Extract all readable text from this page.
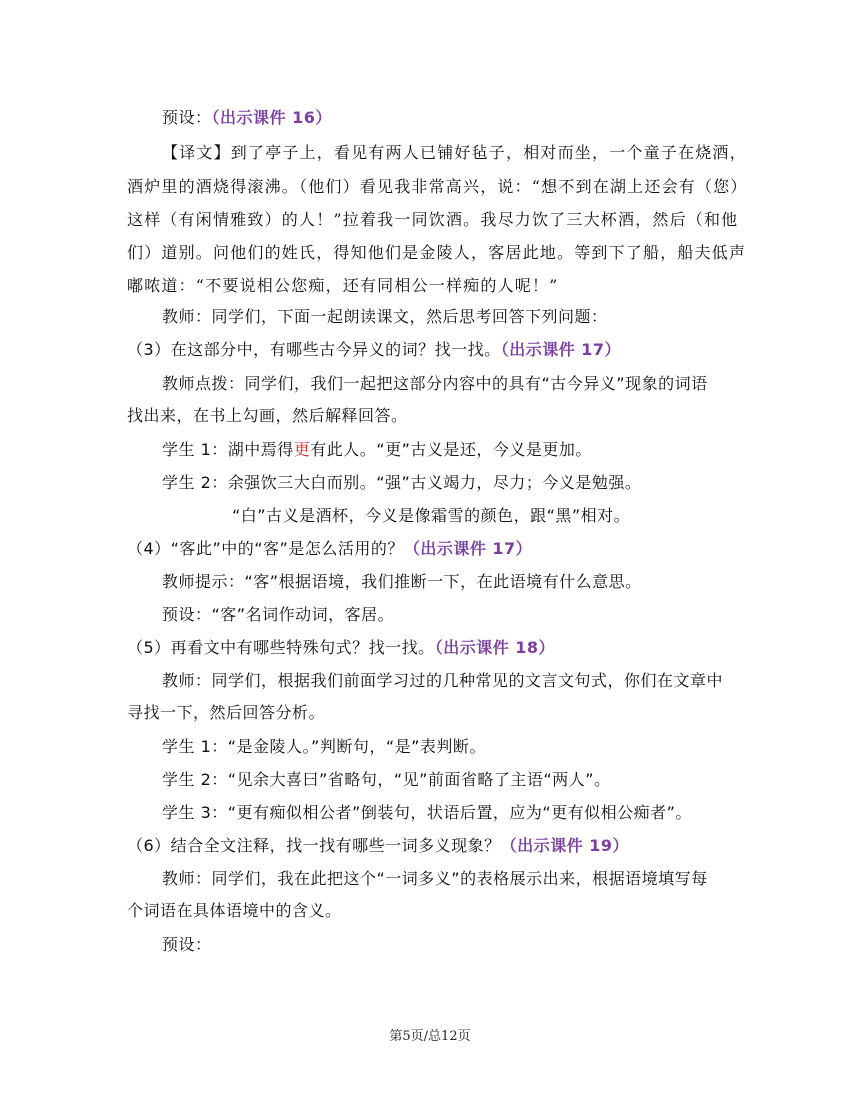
预设：（出示课件 16）
【译文】到了亭子上，看见有两人已铺好毡子，相对而坐，一个童子在烧酒，
酒炉里的酒烧得滚沸。（他们）看见我非常高兴，说：“想不到在湖上还会有（您）
这样（有闲情雅致）的人！”拉着我一同饮酒。我尽力饮了三大杯酒，然后（和他
们）道别。问他们的姓氏，得知他们是金陵人，客居此地。等到下了船，船夫低声
嘟哝道：“不要说相公您痴，还有同相公一样痴的人呢！”
教师：同学们，下面一起朗读课文，然后思考回答下列问题：
（3）在这部分中，有哪些古今异义的词？找一找。（出示课件 17）
教师点拨：同学们，我们一起把这部分内容中的具有“古今异义”现象的词语
找出来，在书上勾画，然后解释回答。
学生 1：湖中焉得更有此人。“更”古义是还，今义是更加。
学生 2：余强饮三大白而别。“强”古义竭力，尽力；今义是勉强。
“白”古义是酒杯，今义是像霜雪的颜色，跟“黑”相对。
（4）“客此”中的“客”是怎么活用的？（出示课件 17）
教师提示：“客”根据语境，我们推断一下，在此语境有什么意思。
预设：“客”名词作动词，客居。
（5）再看文中有哪些特殊句式？找一找。（出示课件 18）
教师：同学们，根据我们前面学习过的几种常见的文言文句式，你们在文章中
寻找一下，然后回答分析。
学生 1：“是金陵人。”判断句，“是”表判断。
学生 2：“见余大喜曰”省略句，“见”前面省略了主语“两人”。
学生 3：“更有痴似相公者”倒装句，状语后置，应为“更有似相公痴者”。
（6）结合全文注释，找一找有哪些一词多义现象？（出示课件 19）
教师：同学们，我在此把这个“一词多义”的表格展示出来，根据语境填写每
个词语在具体语境中的含义。
预设：
第5页/总12页
